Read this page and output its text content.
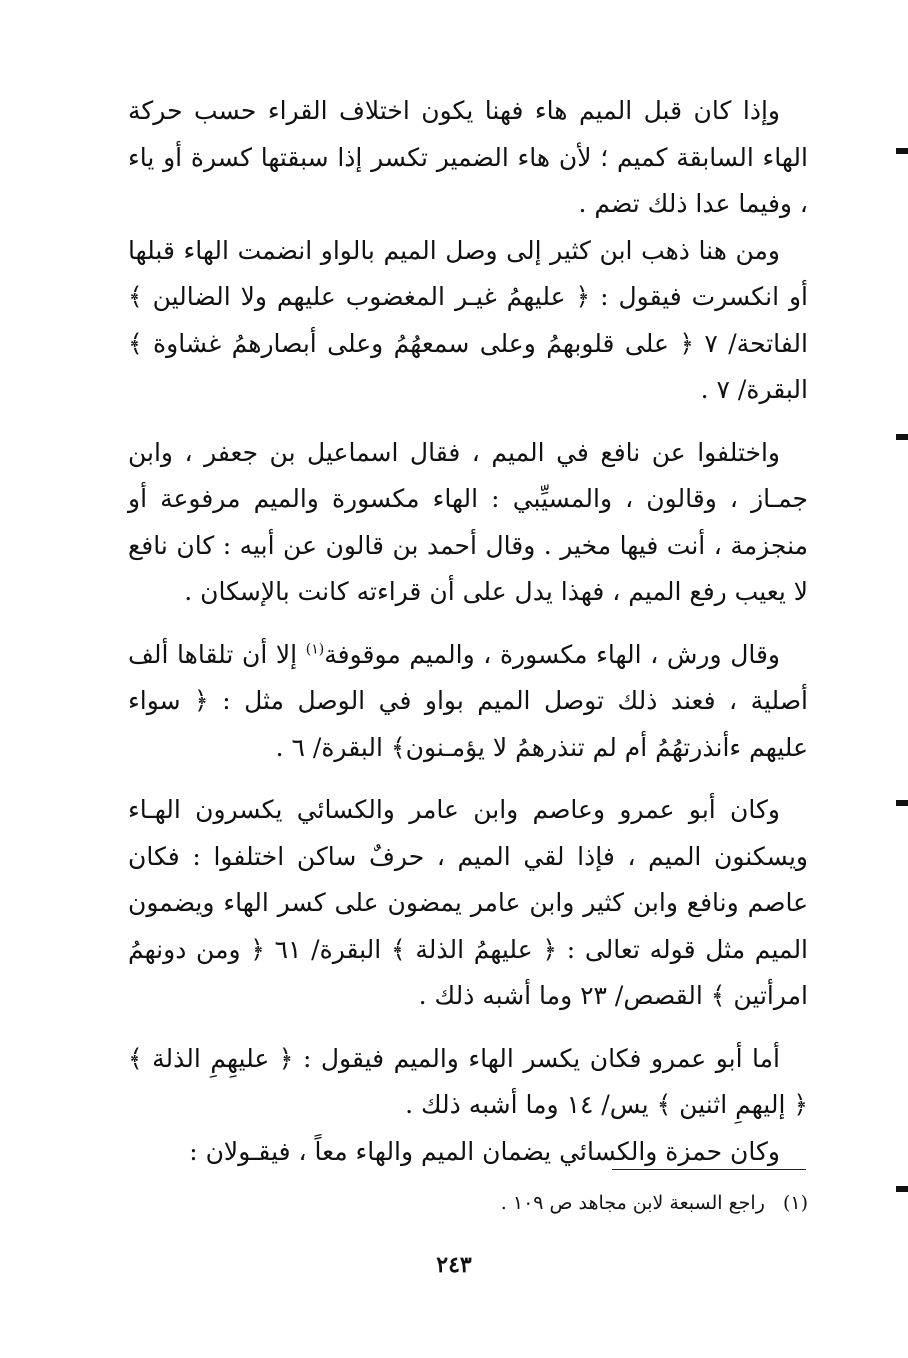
وإذا كان قبل الميم هاء فهنا يكون اختلاف القراء حسب حركة الهاء السابقة كميم ؛ لأن هاء الضمير تكسر إذا سبقتها كسرة أو ياء ، وفيما عدا ذلك تضم .

ومن هنا ذهب ابن كثير إلى وصل الميم بالواو انضمت الهاء قبلها أو انكسرت فيقول : ﴿ عليهمُ غيـر المغضوب عليهم ولا الضالين ﴾ الفاتحة/ ٧ ﴿ على قلوبهمُ وعلى سمعهُمُ وعلى أبصارهمُ غشاوة ﴾ البقرة/ ٧ .

واختلفوا عن نافع في الميم ، فقال اسماعيل بن جعفر ، وابن جمـاز ، وقالون ، والمسيِّبي : الهاء مكسورة والميم مرفوعة أو منجزمة ، أنت فيها مخير . وقال أحمد بن قالون عن أبيه : كان نافع لا يعيب رفع الميم ، فهذا يدل على أن قراءته كانت بالإسكان .

وقال ورش ، الهاء مكسورة ، والميم موقوفة$^{(١)}$ إلا أن تلقاها ألف أصلية ، فعند ذلك توصل الميم بواو في الوصل مثل : ﴿ سواء عليهم ءأنذرتهُمُ أم لم تنذرهمُ لا يؤمـنون﴾ البقرة/ ٦ .

وكان أبو عمرو وعاصم وابن عامر والكسائي يكسرون الهـاء ويسكنون الميم ، فإذا لقي الميم ، حرفٌ ساكن اختلفوا : فكان عاصم ونافع وابن كثير وابن عامر يمضون على كسر الهاء ويضمون الميم مثل قوله تعالى : ﴿ عليهمُ الذلة ﴾ البقرة/ ٦١ ﴿ ومن دونهمُ امرأتين ﴾ القصص/ ٢٣ وما أشبه ذلك .

أما أبو عمرو فكان يكسر الهاء والميم فيقول : ﴿ عليهِمِ الذلة ﴾ ﴿ إليهمِ اثنين ﴾ يس/ ١٤ وما أشبه ذلك .

وكان حمزة والكسائي يضمان الميم والهاء معاً ، فيقـولان :

(١) راجع السبعة لابن مجاهد ص ١٠٩ .
٢٤٣
